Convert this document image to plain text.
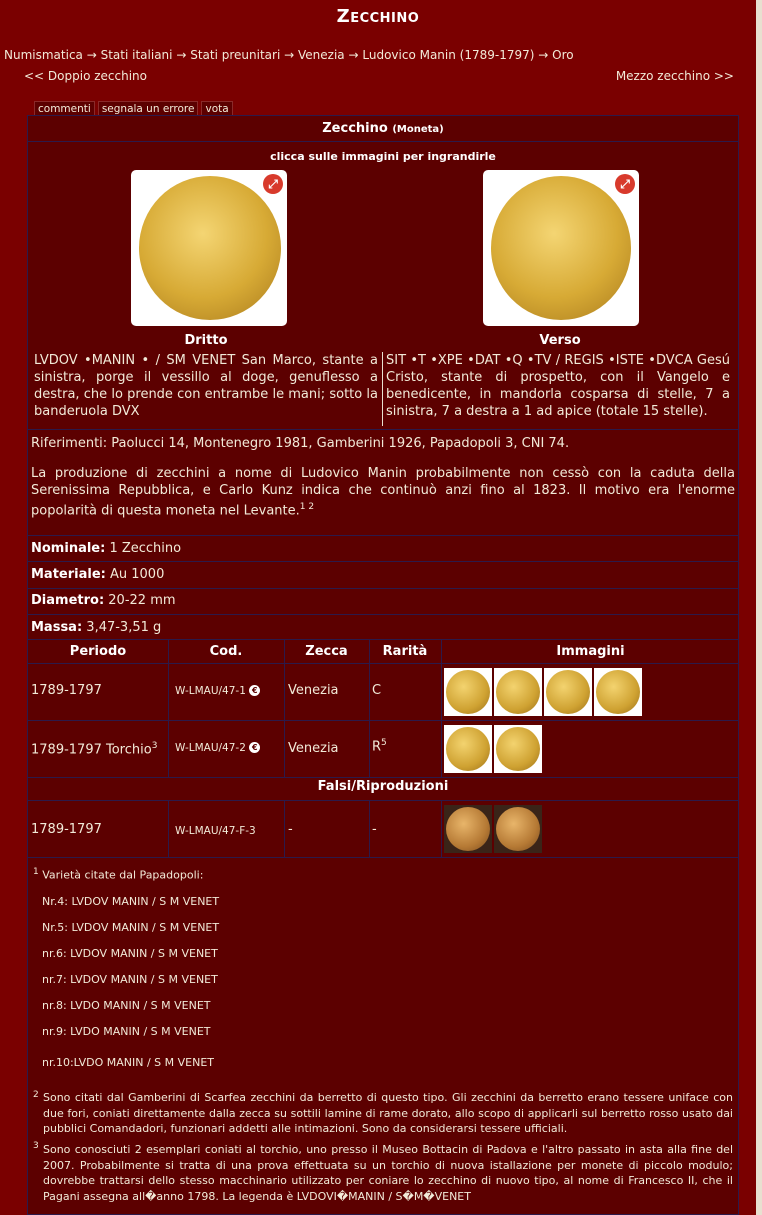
Zecchino
Numismatica → Stati italiani → Stati preunitari → Venezia → Ludovico Manin (1789-1797) → Oro
<< Doppio zecchino	Mezzo zecchino >>
commenti	segnala un errore	vota
Zecchino (Moneta)
clicca sulle immagini per ingrandirle
⤢	⤢
Dritto	Verso
LVDOV •MANIN • / SM VENET San Marco, stante a sinistra, porge il vessillo al doge, genuflesso a destra, che lo prende con entrambe le mani; sotto la banderuola DVX
SIT •T •XPE •DAT •Q •TV / REGIS •ISTE •DVCA Gesú Cristo, stante di prospetto, con il Vangelo e benedicente, in mandorla cosparsa di stelle, 7 a sinistra, 7 a destra a 1 ad apice (totale 15 stelle).
Riferimenti: Paolucci 14, Montenegro 1981, Gamberini 1926, Papadopoli 3, CNI 74.
La produzione di zecchini a nome di Ludovico Manin probabilmente non cessò con la caduta della Serenissima Repubblica, e Carlo Kunz indica che continuò anzi fino al 1823. Il motivo era l'enorme popolarità di questa moneta nel Levante.$^{1 2}$
Nominale: 1 Zecchino
Materiale: Au 1000
Diametro: 20-22 mm
Massa: 3,47-3,51 g
Periodo	Cod.	Zecca	Rarità	Immagini
1789-1797	W-LMAU/47-1 € Venezia	C
1789-1797 Torchio$^3$ W-LMAU/47-2 € Venezia	$R^5$
Falsi/Riproduzioni
1789-1797	W-LMAU/47-F-3 -	-
$^1$ Varietà citate dal Papadopoli:
Nr.4: LVDOV MANIN / S M VENET
Nr.5: LVDOV MANIN / S M VENET
nr.6: LVDOV MANIN / S M VENET
nr.7: LVDOV MANIN / S M VENET
nr.8: LVDO MANIN / S M VENET
nr.9: LVDO MANIN / S M VENET
nr.10:LVDO MANIN / S M VENET
$^2$ Sono citati dal Gamberini di Scarfea zecchini da berretto di questo tipo. Gli zecchini da berretto erano tessere uniface con due fori, coniati direttamente dalla zecca su sottili lamine di rame dorato, allo scopo di applicarli sul berretto rosso usato dai pubblici Comandadori, funzionari addetti alle intimazioni. Sono da considerarsi tessere ufficiali.
$^3$ Sono conosciuti 2 esemplari coniati al torchio, uno presso il Museo Bottacin di Padova e l'altro passato in asta alla fine del 2007. Probabilmente si tratta di una prova effettuata su un torchio di nuova istallazione per monete di piccolo modulo; dovrebbe trattarsi dello stesso macchinario utilizzato per coniare lo zecchino di nuovo tipo, al nome di Francesco II, che il Pagani assegna all�anno 1798. La legenda è LVDOVI�MANIN / S�M�VENET
